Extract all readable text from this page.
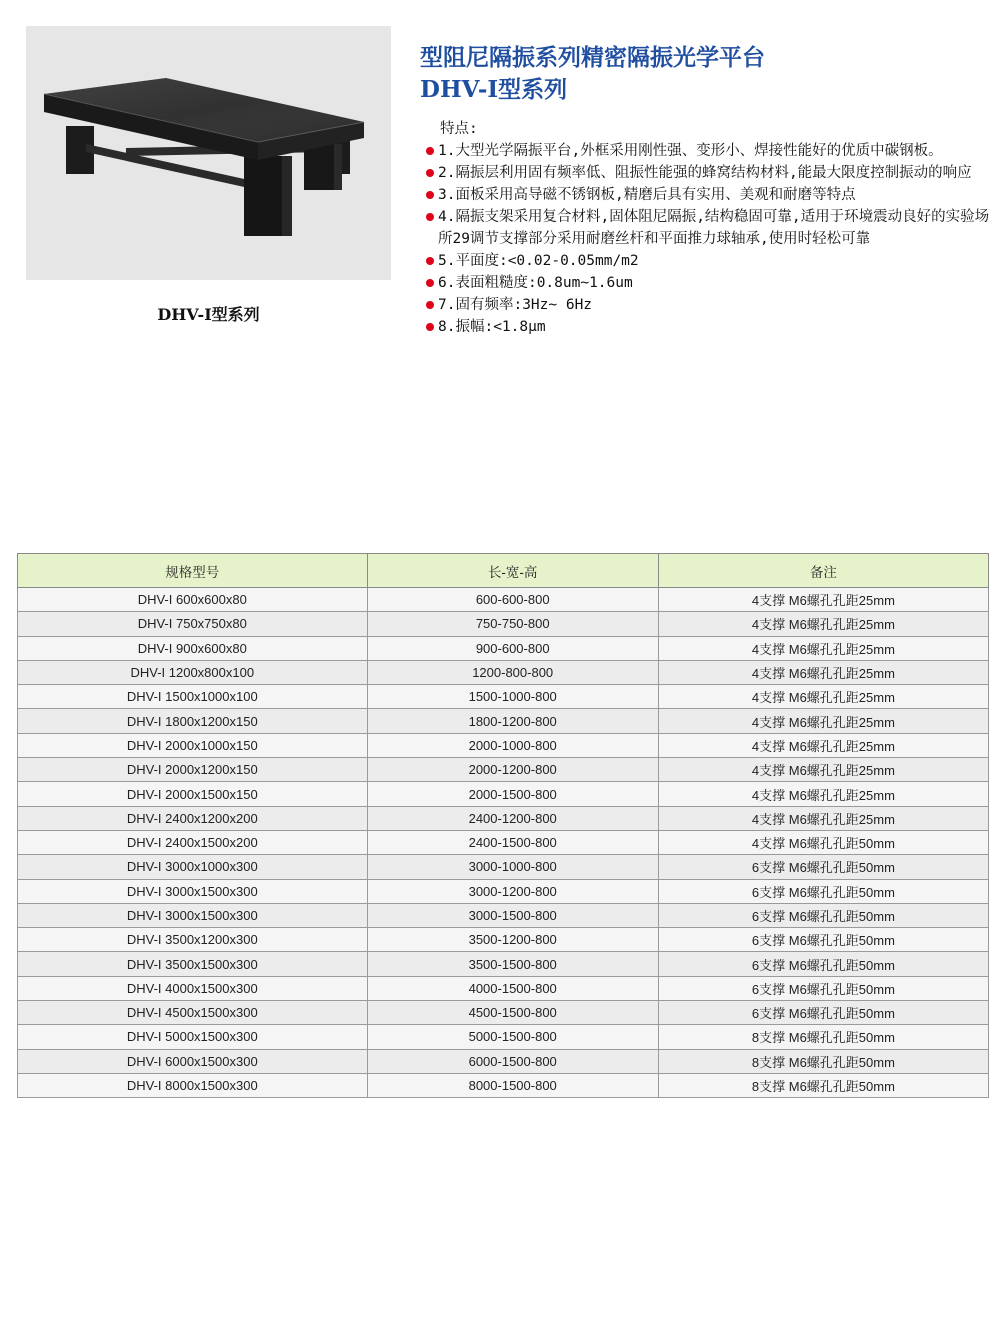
DHV-I型系列
型阻尼隔振系列精密隔振光学平台
DHV-I型系列
特点:
1.大型光学隔振平台,外框采用刚性强、变形小、焊接性能好的优质中碳钢板。
2.隔振层利用固有频率低、阻振性能强的蜂窝结构材料,能最大限度控制振动的响应
3.面板采用高导磁不锈钢板,精磨后具有实用、美观和耐磨等特点
4.隔振支架采用复合材料,固体阻尼隔振,结构稳固可靠,适用于环境震动良好的实验场所29调节支撑部分采用耐磨丝杆和平面推力球轴承,使用时轻松可靠
5.平面度:<0.02-0.05mm/m2
6.表面粗糙度:0.8um~1.6um
7.固有频率:3Hz~ 6Hz
8.振幅:<1.8μm
规格型号	长-宽-高	备注
DHV-I 600x600x80	600-600-800	4支撑 M6螺孔孔距25mm
DHV-I 750x750x80	750-750-800	4支撑 M6螺孔孔距25mm
DHV-I 900x600x80	900-600-800	4支撑 M6螺孔孔距25mm
DHV-I 1200x800x100	1200-800-800	4支撑 M6螺孔孔距25mm
DHV-I 1500x1000x100	1500-1000-800	4支撑 M6螺孔孔距25mm
DHV-I 1800x1200x150	1800-1200-800	4支撑 M6螺孔孔距25mm
DHV-I 2000x1000x150	2000-1000-800	4支撑 M6螺孔孔距25mm
DHV-I 2000x1200x150	2000-1200-800	4支撑 M6螺孔孔距25mm
DHV-I 2000x1500x150	2000-1500-800	4支撑 M6螺孔孔距25mm
DHV-I 2400x1200x200	2400-1200-800	4支撑 M6螺孔孔距25mm
DHV-I 2400x1500x200	2400-1500-800	4支撑 M6螺孔孔距50mm
DHV-I 3000x1000x300	3000-1000-800	6支撑 M6螺孔孔距50mm
DHV-I 3000x1500x300	3000-1200-800	6支撑 M6螺孔孔距50mm
DHV-I 3000x1500x300	3000-1500-800	6支撑 M6螺孔孔距50mm
DHV-I 3500x1200x300	3500-1200-800	6支撑 M6螺孔孔距50mm
DHV-I 3500x1500x300	3500-1500-800	6支撑 M6螺孔孔距50mm
DHV-I 4000x1500x300	4000-1500-800	6支撑 M6螺孔孔距50mm
DHV-I 4500x1500x300	4500-1500-800	6支撑 M6螺孔孔距50mm
DHV-I 5000x1500x300	5000-1500-800	8支撑 M6螺孔孔距50mm
DHV-I 6000x1500x300	6000-1500-800	8支撑 M6螺孔孔距50mm
DHV-I 8000x1500x300	8000-1500-800	8支撑 M6螺孔孔距50mm
